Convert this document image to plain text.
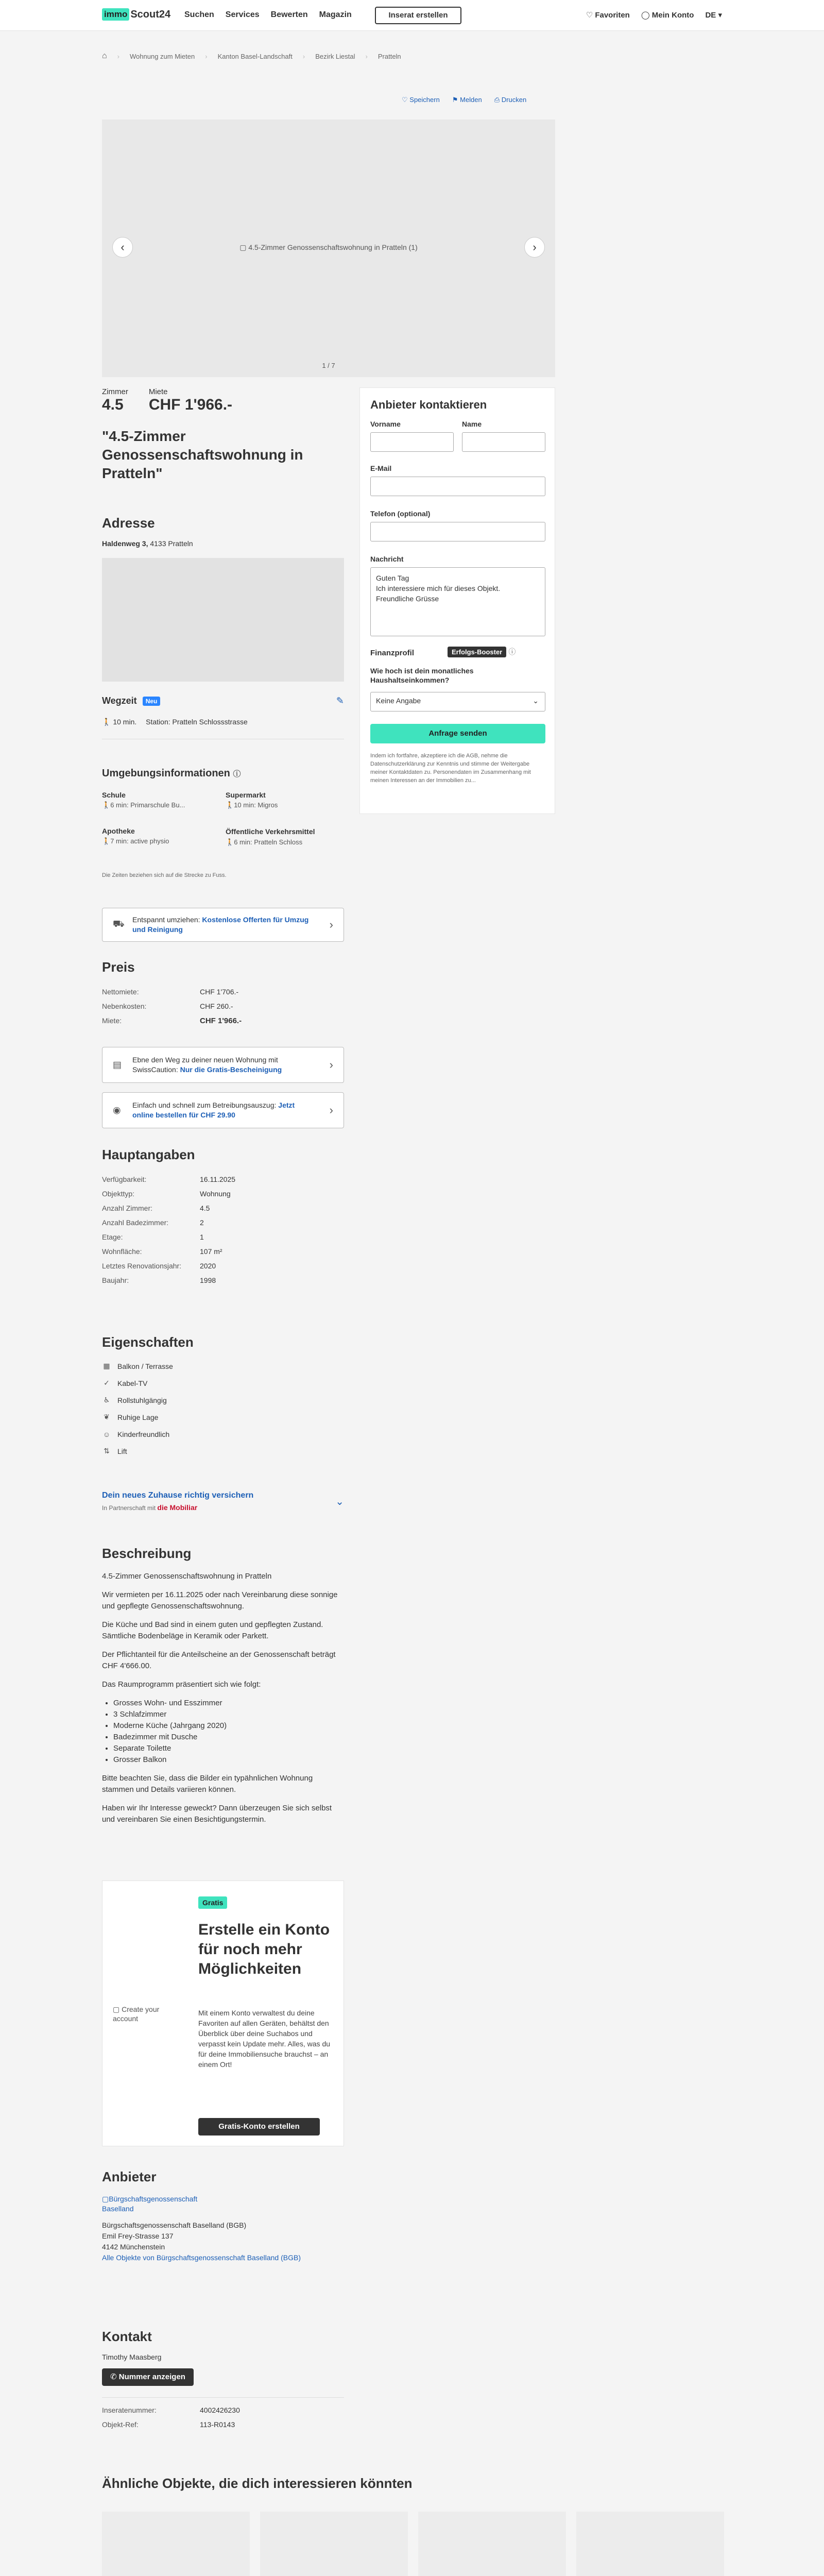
immo Scout24 Suchen Services Bewerten Magazin	Inserat erstellen	♡ Favoriten ◯ Mein Konto DE ▾
⌂ › Wohnung zum Mieten › Kanton Basel-Landschaft › Bezirk Liestal › Pratteln
♡ Speichern ⚑ Melden ⎙ Drucken
▢ 4.5-Zimmer Genossenschaftswohnung in Pratteln (1)
‹	›
1 / 7
Zimmer
4.5
Miete
CHF 1'966.-
"4.5-Zimmer Genossenschaftswohnung in Pratteln"
Adresse
Haldenweg 3, 4133 Pratteln
Wegzeit Neu	✎
🚶 10 min. Station: Pratteln Schlossstrasse
Umgebungsinformationen ⓘ
Schule
🚶6 min: Primarschule Bu...
Supermarkt
🚶10 min: Migros
Apotheke
🚶7 min: active physio
Öffentliche Verkehrsmittel
🚶6 min: Pratteln Schloss
Die Zeiten beziehen sich auf die Strecke zu Fuss.
⛟ Entspannt umziehen: Kostenlose Offerten für Umzug und Reinigung	›
Preis
Nettomiete:	CHF 1'706.-
Nebenkosten:	CHF 260.-
Miete:	CHF 1'966.-
▤ Ebne den Weg zu deiner neuen Wohnung mit SwissCaution: Nur die Gratis-Bescheinigung	›
◉ Einfach und schnell zum Betreibungsauszug: Jetzt online bestellen für CHF 29.90	›
Hauptangaben
Verfügbarkeit:	16.11.2025
Objekttyp:	Wohnung
Anzahl Zimmer:	4.5
Anzahl Badezimmer:	2
Etage:	1
Wohnfläche:	107 m²
Letztes Renovationsjahr:	2020
Baujahr:	1998
Eigenschaften
▦ Balkon / Terrasse
✓ Kabel-TV
♿ Rollstuhlgängig
❦ Ruhige Lage
☺ Kinderfreundlich
⇅ Lift
Dein neues Zuhause richtig versichern
In Partnerschaft mit die Mobiliar	⌄
Beschreibung

4.5-Zimmer Genossenschaftswohnung in Pratteln

Wir vermieten per 16.11.2025 oder nach Vereinbarung diese sonnige und gepflegte Genossenschaftswohnung.

Die Küche und Bad sind in einem guten und gepflegten Zustand. Sämtliche Bodenbeläge in Keramik oder Parkett.

Der Pflichtanteil für die Anteilscheine an der Genossenschaft beträgt CHF 4'666.00.

Das Raumprogramm präsentiert sich wie folgt:

• Grosses Wohn- und Esszimmer
• 3 Schlafzimmer
• Moderne Küche (Jahrgang 2020)
• Badezimmer mit Dusche
• Separate Toilette
• Grosser Balkon

Bitte beachten Sie, dass die Bilder ein typähnlichen Wohnung stammen und Details variieren können.

Haben wir Ihr Interesse geweckt? Dann überzeugen Sie sich selbst und vereinbaren Sie einen Besichtigungstermin.

▢ Create your account
Gratis
Erstelle ein Konto für noch mehr Möglichkeiten
Mit einem Konto verwaltest du deine Favoriten auf allen Geräten, behältst den Überblick über deine Suchabos und verpasst kein Update mehr. Alles, was du für deine Immobiliensuche brauchst – an einem Ort!
Gratis-Konto erstellen
Anbieter
▢Bürgschaftsgenossenschaft Baselland
Bürgschaftsgenossenschaft Baselland (BGB)
Emil Frey-Strasse 137
4142 Münchenstein
Alle Objekte von Bürgschaftsgenossenschaft Baselland (BGB)
Kontakt
Timothy Maasberg
✆ Nummer anzeigen
Inseratenummer:	4002426230
Objekt-Ref:	113-R0143
Ähnliche Objekte, die dich interessieren könnten
Anbieter kontaktieren
Vorname	Name
E-Mail
Telefon (optional)
Nachricht
Guten Tag
Ich interessiere mich für dieses Objekt.
Freundliche Grüsse
Finanzprofil	Erfolgs-Booster ⓘ
Wie hoch ist dein monatliches Haushaltseinkommen?
Keine Angabe	⌄
Anfrage senden
Indem ich fortfahre, akzeptiere ich die AGB, nehme die Datenschutzerklärung zur Kenntnis und stimme der Weitergabe meiner Kontaktdaten zu. Personendaten im Zusammenhang mit meinen Interessen an der Immobilien zu...
